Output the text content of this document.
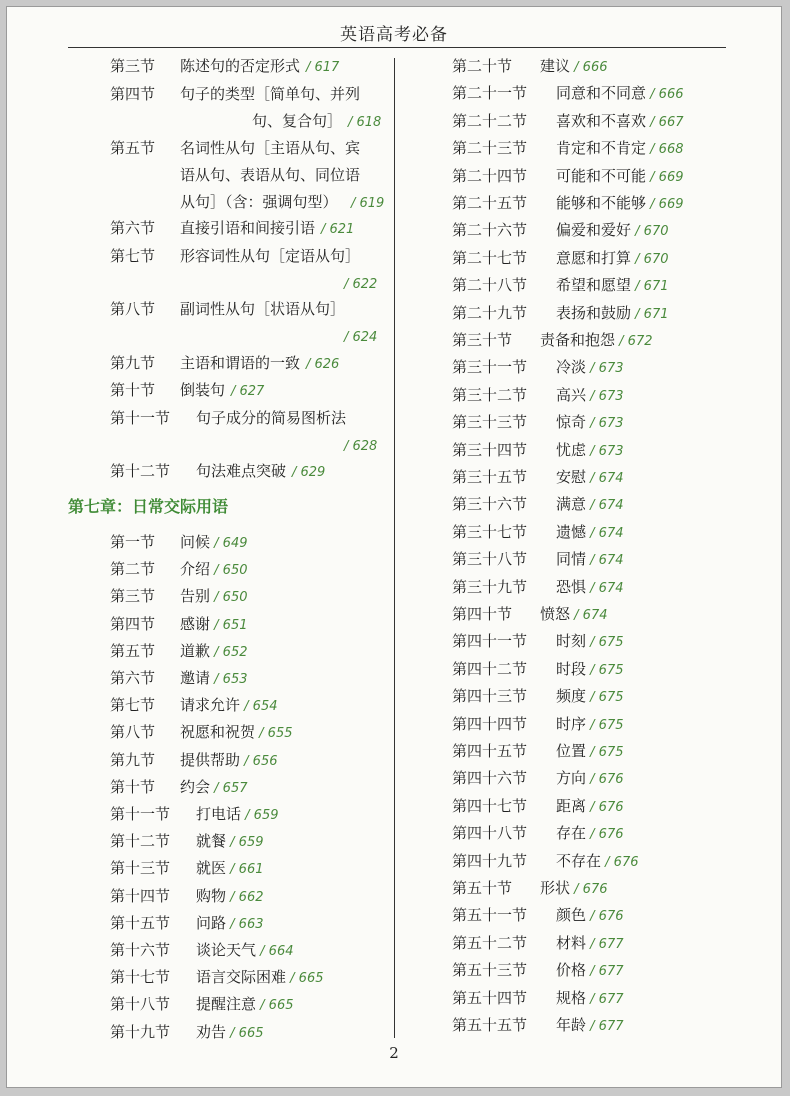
英语高考必备
第三节 陈述句的否定形式 / 617
第四节 句子的类型［简单句、并列
句、复合句］ / 618
第五节 名词性从句［主语从句、宾
语从句、表语从句、同位语
从句］（含：强调句型） / 619
第六节 直接引语和间接引语 / 621
第七节 形容词性从句［定语从句］
/ 622
第八节 副词性从句［状语从句］
/ 624
第九节 主语和谓语的一致 / 626
第十节 倒装句 / 627
第十一节 句子成分的简易图析法
/ 628
第十二节 句法难点突破 / 629
第七章：日常交际用语
第一节 问候 / 649
第二节 介绍 / 650
第三节 告别 / 650
第四节 感谢 / 651
第五节 道歉 / 652
第六节 邀请 / 653
第七节 请求允许 / 654
第八节 祝愿和祝贺 / 655
第九节 提供帮助 / 656
第十节 约会 / 657
第十一节 打电话 / 659
第十二节 就餐 / 659
第十三节 就医 / 661
第十四节 购物 / 662
第十五节 问路 / 663
第十六节 谈论天气 / 664
第十七节 语言交际困难 / 665
第十八节 提醒注意 / 665
第十九节 劝告 / 665
第二十节 建议 / 666
第二十一节 同意和不同意 / 666
第二十二节 喜欢和不喜欢 / 667
第二十三节 肯定和不肯定 / 668
第二十四节 可能和不可能 / 669
第二十五节 能够和不能够 / 669
第二十六节 偏爱和爱好 / 670
第二十七节 意愿和打算 / 670
第二十八节 希望和愿望 / 671
第二十九节 表扬和鼓励 / 671
第三十节 责备和抱怨 / 672
第三十一节 冷淡 / 673
第三十二节 高兴 / 673
第三十三节 惊奇 / 673
第三十四节 忧虑 / 673
第三十五节 安慰 / 674
第三十六节 满意 / 674
第三十七节 遗憾 / 674
第三十八节 同情 / 674
第三十九节 恐惧 / 674
第四十节 愤怒 / 674
第四十一节 时刻 / 675
第四十二节 时段 / 675
第四十三节 频度 / 675
第四十四节 时序 / 675
第四十五节 位置 / 675
第四十六节 方向 / 676
第四十七节 距离 / 676
第四十八节 存在 / 676
第四十九节 不存在 / 676
第五十节 形状 / 676
第五十一节 颜色 / 676
第五十二节 材料 / 677
第五十三节 价格 / 677
第五十四节 规格 / 677
第五十五节 年龄 / 677
2
